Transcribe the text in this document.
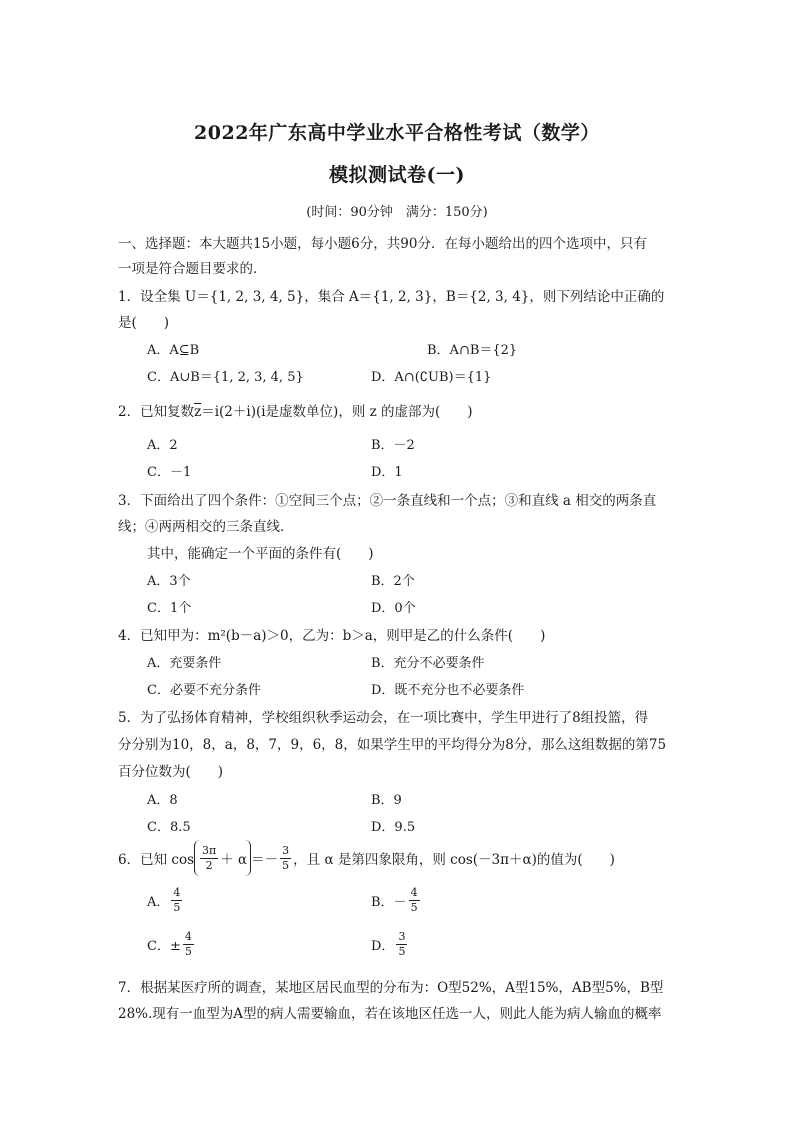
2022年广东高中学业水平合格性考试（数学）
模拟测试卷(一)
(时间：90分钟　满分：150分)
一、选择题：本大题共15小题，每小题6分，共90分．在每小题给出的四个选项中，只有
一项是符合题目要求的．
1．设全集 U＝{1, 2, 3, 4, 5}，集合 A＝{1, 2, 3}，B＝{2, 3, 4}，则下列结论中正确的
是(　　)
A．A⊆B	B．A∩B＝{2}
C．A∪B＝{1, 2, 3, 4, 5}	D．A∩(∁UB)＝{1}
2．已知复数$\overline{z}=i(2+i)(i$是虚数单位)，则 z 的虚部为(　　)
A．2	B．－2
C．－1	D．1
3．下面给出了四个条件：①空间三个点；②一条直线和一个点；③和直线 a 相交的两条直
线；④两两相交的三条直线．
其中，能确定一个平面的条件有(　　)
A．3个	B．2个
C．1个	D．0个
4．已知甲为：m²(b－a)＞0，乙为：b＞a，则甲是乙的什么条件(　　)
A．充要条件	B．充分不必要条件
C．必要不充分条件	D．既不充分也不必要条件
5．为了弘扬体育精神，学校组织秋季运动会，在一项比赛中，学生甲进行了8组投篮，得
分分别为10，8，a，8，7，9，6，8，如果学生甲的平均得分为8分，那么这组数据的第75
百分位数为(　　)
A．8	B．9
C．8.5	D．9.5
6．已知 $\cos \frac{3\pi}{2} + \alpha =- \frac{3}{5}$ ，且 α 是第四象限角，则 cos(－3π＋α)的值为(　　)
A． $\frac{4}{5}$	B．－ $\frac{4}{5}$
C．± $\frac{4}{5}$	D． $\frac{3}{5}$
7．根据某医疗所的调查，某地区居民血型的分布为：O型52%，A型15%，AB型5%，B型
28%.现有一血型为A型的病人需要输血，若在该地区任选一人，则此人能为病人输血的概率
